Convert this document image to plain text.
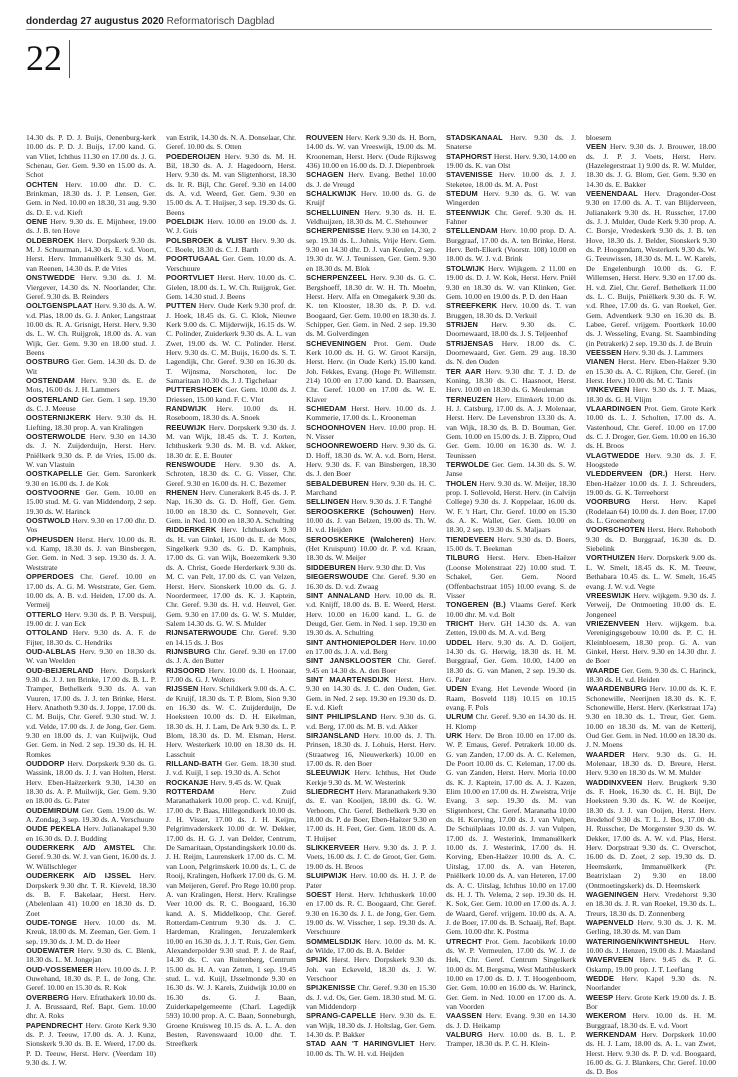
donderdag 27 augustus 2020 Reformatorisch Dagblad
22

14.30 ds. P. D. J. Buijs, Oenenburg-kerk 10.00 ds. P. D. J. Buijs, 17.00 kand. G. van Vliet, Ichthus 11.30 en 17.00 ds. J. G. Schenau, Ger. Gem. 9.30 en 15.00 ds. A. Schot

OCHTEN Herv. 10.00 dhr. D. C. Brinkman, 18.30 ds. J. P. Lensen, Ger. Gem. in Ned. 10.00 en 18.30, 31 aug. 9.30 ds. D. E. v.d. Kieft

OENE Herv. 9.30 ds. E. Mijnheer, 19.00 ds. J. B. ten Hove

OLDEBROEK Herv. Dorpskerk 9.30 ds. M. J. Schuurman, 14.30 ds. E. v.d. Voort, Herst. Herv. Immanuëlkerk 9.30 ds. M. van Reenen, 14.30 ds. P. de Vries

ONSTWEDDE Herv. 9.30 ds. J. M. Viergever, 14.30 ds. N. Noorlander, Chr. Geref. 9.30 ds. B. Reinders

OOLTGENSPLAAT Herv. 9.30 ds. A. W. v.d. Plas, 18.00 ds. G. J. Anker, Langstraat 10.00 ds. R. A. Grisnigt, Herst. Herv. 9.30 ds. L. W. Ch. Ruijgrok, 18.00 ds. A. van Wijk, Ger. Gem. 9.30 en 18.00 stud. J. Beens

OOSTBURG Ger. Gem. 14.30 ds. D. de Wit

OOSTENDAM Herv. 9.30 ds. E. de Mots, 16.00 ds. J. H. Lammers

OOSTERLAND Ger. Gem. 1 sep. 19.30 ds. C. J. Meeuse

OOSTERNIJKERK Herv. 9.30 ds. H. Liefting, 18.30 prop. A. van Kralingen

OOSTERWOLDE Herv. 9.30 en 14.30 ds. J. N. Zuijderduijn, Herst. Herv. Pniëlkerk 9.30 ds. P. de Vries, 15.00 ds. W. van Vlastuin

OOSTKAPELLE Ger. Gem. Saronkerk 9.30 en 16.00 ds. J. de Kok

OOSTVOORNE Ger. Gem. 10.00 en 15.00 stud. M. G. van Middendorp, 2 sep. 19.30 ds. W. Harinck

OOSTWOLD Herv. 9.30 en 17.00 dhr. D. Vos

OPHEUSDEN Herst. Herv. 10.00 ds. R. v.d. Kamp, 18.30 ds. J. van Binsbergen, Ger. Gem. in Ned. 3 sep. 19.30 ds. J. A. Weststrate

OPPERDOES Chr. Geref. 10.00 en 17.00 ds. A. G. M. Weststrate, Ger. Gem. 10.00 ds. A. B. v.d. Heiden, 17.00 ds. A. Vermeij

OTTERLO Herv. 9.30 ds. P. B. Verspuij, 19.00 dr. J. van Eck

OTTOLAND Herv. 9.30 ds. A. F. de Fijter, 18.30 ds. C. Hendriks

OUD-ALBLAS Herv. 9.30 en 18.30 ds. W. van Weelden

OUD-BEIJERLAND Herv. Dorpskerk 9.30 ds. J. J. ten Brinke, 17.00 ds. B. L. P. Tramper, Bethelkerk 9.30 ds. A. van Vuuren, 17.00 ds. J. J. ten Brinke, Herst. Herv. Anathoth 9.30 ds. J. Joppe, 17.00 ds. C. M. Buijs, Chr. Geref. 9.30 stud. W. J. v.d. Velde, 17.00 ds. J. de Jong, Ger. Gem. 9.30 en 18.00 ds. J. van Kuijwijk, Oud Ger. Gem. in Ned. 2 sep. 19.30 ds. H. H. Romkes

OUDDORP Herv. Dorpskerk 9.30 ds. G. Wassink, 18.00 ds. J. J. van Holten, Herst. Herv. Eben-Haëzerkerk 9.30, 14.30 en 18.30 ds. A. P. Muilwijk, Ger. Gem. 9.30 en 18.00 ds. G. Pater

OUDEMIRDUM Ger. Gem. 19.00 ds. W. A. Zondag, 3 sep. 19.30 ds. A. Verschuure

OUDE PEKELA Herv. Julianakapel 9.30 en 16.30 ds. D. J. Budding

OUDERKERK A/D AMSTEL Chr. Geref. 9.30 ds. W. J. van Gent, 16.00 ds. J. W. Wüllschleger

OUDERKERK A/D IJSSEL Herv. Dorpskerk 9.30 dhr. T. R. Kieveld, 18.30 ds. B. F. Bakelaar, Herst. Herv. (Abelenlaan 41) 10.00 en 18.30 ds. D. Zoet

OUDE-TONGE Herv. 10.00 ds. M. Kreuk, 18.00 ds. M. Zeeman, Ger. Gem. 1 sep. 19.30 ds. J. M. D. de Heer

OUDEWATER Herv. 9.30 ds. C. Blenk, 18.30 ds. L. M. Jongejan

OUD-VOSSEMEER Herv. 10.00 ds. J. P. Ouwehand, 18.30 ds. P. L. de Jong, Chr. Geref. 10.00 en 15.30 ds. R. Kok

OVERBERG Herv. Efrathakerk 10.00 ds. J. A. Brussaard, Ref. Bapt. Gem. 10.00 dhr. A. Roks

PAPENDRECHT Herv. Grote Kerk 9.30 ds. P. J. Teeuw, 17.00 ds. A. J. Kunz, Sionskerk 9.30 ds. B. E. Weerd, 17.00 ds. P. D. Teeuw, Herst. Herv. (Veerdam 10) 9.30 ds. J. W.

van Estrik, 14.30 ds. N. A. Donselaar, Chr. Geref. 10.00 ds. S. Otten

POEDEROIJEN Herv. 9.30 ds. M. H. Bil, 18.30 ds. A. J. Hagedoorn, Herst. Herv. 9.30 ds. M. van Sligtenhorst, 18.30 ds. Ir. R. Bijl, Chr. Geref. 9.30 en 14.00 ds. A. v.d. Weerd, Ger. Gem. 9.30 en 15.00 ds. A. T. Huijser, 3 sep. 19.30 ds. G. Beens

POELDIJK Herv. 10.00 en 19.00 ds. J. W. J. Guis

POLSBROEK & VLIST Herv. 9.30 ds. C. Boele, 18.30 ds. C. J. Barth

POORTUGAAL Ger. Gem. 10.00 ds. A. Verschuure

POORTVLIET Herst. Herv. 10.00 ds. C. Gielen, 18.00 ds. L. W. Ch. Ruijgrok, Ger. Gem. 14.30 stud. J. Beens

PUTTEN Herv. Oude Kerk 9.30 prof. dr. J. Hoek, 18.45 ds. G. C. Klok, Nieuwe Kerk 9.00 ds. C. Mijderwijk, 16.15 ds. W. C. Polinder, Zuiderkerk 9.30 ds. A. L. van Zwet, 19.00 ds. W. C. Polinder. Herst. Herv. 9.30 ds. C. M. Buijs, 16.00 ds. S. T. Lagendijk, Chr. Geref. 9.30 en 16.30 ds. T. Wijnsma, Norschoten, loc. De Samaritaan 10.30 ds. J. J. Tigchelaar

PUTTERSHOEK Ger. Gem. 10.00 ds. J. Driessen, 15.00 kand. F. C. Vlot

RANDWIJK Herv. 10.00 ds. H. Roseboom, 18.30 ds. A. Snoek

REEUWIJK Herv. Dorpskerk 9.30 ds. J. M. van Wijk, 18.45 ds. T. J. Korten, Ichthuskerk 9.30 ds. M. B. v.d. Akker, 18.30 dr. E. E. Bouter

RENSWOUDE Herv. 9.30 ds. A. Schroten, 18.30 ds. C. G. Visser, Chr. Geref. 9.30 en 16.00 ds. H. C. Bezemer

RHENEN Herv. Cunerakerk 8.45 ds. J. P. Nap, 16.30 ds. G. D. Hoff, Ger. Gem. 10.00 en 18.30 ds. C. Sonnevelt, Ger. Gem. in Ned. 10.00 en 18.30 A. Schulting

RIDDERKERK Herv. Ichthuskerk 9.30 ds. H. van Ginkel, 16.00 ds. E. de Mots, Singelkerk 9.30 ds. G. D. Kamphuis, 17.00 ds. G. van Wijk, Boezemkerk 9.30 ds. A. Christ, Goede Herderkerk 9.30 ds. M. C. van Pelt, 17.00 ds. C. van Velzen, Herst. Herv. Sionskerk 10.00 ds. G. J. Noordermeer, 17.00 ds. K. J. Kaptein, Chr. Geref. 9.30 ds. H. v.d. Heuvel, Ger. Gem. 9.30 en 17.00 ds. G. W. S. Mulder, Salem 14.30 ds. G. W. S. Mulder

RIJNSATERWOUDE Chr. Geref. 9.30 en 14.15 ds. J. Bos

RIJNSBURG Chr. Geref. 9.30 en 17.00 ds. J. A. den Butter

RIJSOORD Herv. 10.00 ds. I. Hoonaar, 17.00 ds. G. J. Wolters

RIJSSEN Herv. Schildkerk 9.00 ds. A. C. de Kruijf, 18.30 ds. T. P. Blom, Sion 9.30 en 16.30 ds. W. C. Zuijderduijn, De Hoeksteen 10.00 ds. D. H. Eikelman, 18.30 ds. H. J. Lam, De Ark 9.30 ds. L. P. Blom, 18.30 ds. D. M. Elsman, Herst. Herv. Westerkerk 10.00 en 18.30 ds. H. Lasschuit

RILLAND-BATH Ger. Gem. 18.30 stud. J. v.d. Kuijl, 1 sep. 19.30 ds. A. Schot

ROCKANJE Herv. 9.45 ds. W. Quak

ROTTERDAM	Herv. Zuid Maranathakerk 10.00 prop. C. v.d. Kruijf, 17.00 ds. P. Baas, Hillegondkerk 10.00 ds. J. H. Visser, 17.00 ds. J. H. Keijm, Pelgrimvaderskerk 10.00 dr. W. Dekker, 17.00 ds. H. G. J. van Delder, Centrum, De Samaritaan, Opstandingskerk 10.00 ds. J. H. Reijm, Laurenskerk 17.00 ds. C. M. van Loon, Pelgrimskerk 10.00 ds. L. C. de Rooij, Kralingen, Hofkerk 17.00 ds. G. M. van Meijeren, Geref. Pro Rege 10.00 prop. A. van Kralingen, Herst. Herv. Kralingse Veer 10.00 ds. R. C. Boogaard, 16.30 kand. A. S. Middelkoop, Chr. Geref. Rotterdam-Centrum 9.30 ds. J. C. Hardeman, Kralingen, Jeruzalemkerk 10.00 en 16.30 ds. J. J. T. Ruis, Ger. Gem. Alexanderpolder 9.30 stud. P. J. de Raaf, 14.30 ds. C. van Ruitenberg, Centrum 15.00 ds. H. A. van Zetten, 1 sep. 19.45 stud. L. v.d. Kuijl, IJsselmonde 9.30 en 16.30 ds. W. J. Karels, Zuidwijk 10.00 en 16.30 ds. G. J. Baan, Zuiderkapelgemeente (Charl. Lagedijk 593) 10.00 prop. A. C. Baan, Sonneburgh, Groene Kruisweg 10.15 ds. A. L. A. den Besten, Ravenswaard 10.00 dhr. T. Streefkerk

ROUVEEN Herv. Kerk 9.30 ds. H. Born, 14.00 ds. W. van Vreeswijk, 19.00 ds. M. Krooneman, Herst. Herv. (Oude Rijksweg 436) 10.00 en 16.00 ds. D. J. Diepenbroek

SCHAGEN Herv. Evang. Bethel 10.00 ds. J. de Vreugd

SCHALKWIJK Herv. 10.00 ds. G. de Kruijf

SCHELLUINEN Herv. 9.30 ds. H. E. Veldhuijzen, 18.30 ds. M. C. Stehouwer

SCHERPENISSE Herv. 9.30 en 14.30, 2 sep. 19.30 ds. L. Johnis, Vrije Herv. Gem. 9.30 en 14.30 dhr. D. J. van Keulen, 2 sep. 19.30 dr. W. J. Teunissen, Ger. Gem. 9.30 en 18.30 ds. M. Blok

SCHERPENZEEL Herv. 9.30 ds. G. C. Bergshoeff, 18.30 dr. W. H. Th. Moehn, Herst. Herv. Alfa en Omegakerk 9.30 ds. K. ten Klooster, 18.30 ds. P. D. v.d. Boogaard, Ger. Gem. 10.00 en 18.30 ds. J. Schipper, Ger. Gem. in Ned. 2 sep. 19.30 ds. M. Golverdingen

SCHEVENINGEN Prot. Gem. Oude Kerk 10.00 ds. H. G. W. Groot Karsijn, Herst. Herv. (in Oude Kerk) 15.00 kand. Joh. Fekkes, Evang. (Hoge Pr. Willemstr. 214) 10.00 en 17.00 kand. D. Baarssen, Chr. Geref. 10.00 en 17.00 ds. W. E. Klaver

SCHIEDAM Herst. Herv. 10.00 ds. J. Kommerie, 17.00 ds. L. Krooneman

SCHOONHOVEN Herv. 10.00 prop. H. N. Visser

SCHOONREWOERD Herv. 9.30 ds. G. D. Hoff, 18.30 ds. W. A. v.d. Born, Herst. Herv. 9.30 ds. F. van Binsbergen, 18.30 ds. J. den Boer

SEBALDEBUREN Herv. 9.30 ds. H. C. Marchand

SELLINGEN Herv. 9.30 ds. J. F. Tanghé

SEROOSKERKE (Schouwen) Herv. 10.00 ds. J. van Belzen, 19.00 ds. Th. W. H. v.d. Heijden

SEROOSKERKE (Walcheren) Herv. (Het Kruispunt) 10.00 dr. P. v.d. Kraan, 18.30 ds. W. Meijer

SIDDEBUREN Herv. 9.30 dhr. D. Vos

SIEGERSWOUDE Chr. Geref. 9.30 en 16.30 ds. D. v.d. Zwaag

SINT ANNALAND Herv. 10.00 ds. R. v.d. Knijff, 18.00 ds. B. E. Weerd, Herst. Herv. 10.00 en 16.00 kand. L. G. de Deugd, Ger. Gem. in Ned. 1 sep. 19.30 en 19.30 ds. A. Schulting

SINT ANTHONIEPOLDER Herv. 10.00 en 17.00 ds. J. A. v.d. Berg

SINT JANSKLOOSTER Chr. Geref. 9.45 en 14.30 ds. A. den Boer

SINT MAARTENSDIJK Herst. Herv. 9.30 en 14.30 ds. J. C. den Ouden, Ger. Gem. in Ned. 2 sep. 19.30 en 19.30 ds. D. E. v.d. Kieft

SINT PHILIPSLAND Herv. 9.30 ds. G. v.d. Berg, 17.00 ds. M. B. v.d. Akker

SIRJANSLAND Herv. 10.00 ds. J. Th. Prinsen, 18.30 ds. J. Lohuis, Herst. Herv. (Straatweg 16, Nieuwerkerk) 10.00 en 17.00 ds. R. den Boer

SLEEUWIJK Herv. Ichthus, Het Oude Kerkje 9.30 ds. M. W. Westerink

SLIEDRECHT Herv. Maranathakerk 9.30 ds. E. van Kooijen, 18.00 ds. G. W. Verboom, Chr. Geref. Bethelkerk 9.30 en 18.00 ds. P. de Boer, Eben-Haëzer 9.30 en 17.00 ds. H. Feet, Ger. Gem. 18.00 ds. A. T. Huijser

SLIKKERVEER Herv. 9.30 ds. J. P. J. Voets, 16.00 ds. J. C. de Groot, Ger. Gem. 19.00 ds. H. Broos

SLUIPWIJK Herv. 10.00 ds. H. J. P. de Pater

SOEST Herst. Herv. Ichthuskerk 10.00 en 17.00 ds. R. C. Boogaard, Chr. Geref. 9.30 en 16.30 ds. J. L. de Jong, Ger. Gem. 19.00 ds. W. Visscher, 1 sep. 19.30 ds. A. Verschuure

SOMMELSDIJK Herv. 10.00 ds. M. K. de Wilde, 17.00 ds. B. A. Belder

SPIJK Herst. Herv. Dorpskerk 9.30 ds. Joh. van Eckeveld, 18.30 ds. J. W. Verschoor

SPIJKENISSE Chr. Geref. 9.30 en 15.30 ds. J. v.d. Os, Ger. Gem. 18.30 stud. M. G. van Middendorp

SPRANG-CAPELLE Herv. 9.30 ds. E. van Wijk, 18.30 ds. J. Holtslag, Ger. Gem. 14.30 ds. P. Bakker

STAD AAN 'T HARINGVLIET Herv. 10.00 ds. Th. W. H. v.d. Heijden

STADSKANAAL Herv. 9.30 ds. J. Snaterse

STAPHORST Herst. Herv. 9.30, 14.00 en 19.00 ds. K. van Olst

STAVENISSE Herv. 10.00 ds. J. J. Steketee, 18.00 ds. M. A. Post

STEDUM Herv. 9.30 ds. G. W. van Wingerden

STEENWIJK Chr. Geref. 9.30 ds. H. Fahner

STELLENDAM Herv. 10.00 prop. D. A. Burggraaf, 17.00 ds. A. ten Brinke, Herst. Herv. Beth-Elkerk (Voorstr. 108) 10.00 en 18.00 ds. W. J. v.d. Brink

STOLWIJK Herv. Wijkgem. 2 11.00 en 19.00 ds. D. J. W. Kok, Herst. Herv. Pniël 9.30 en 18.30 ds. W. van Klinken, Ger. Gem. 10.00 en 19.00 ds. P. D. den Haan

STREEFKERK Herv. 10.00 ds. T. van Bruggen, 18.30 ds. D. Verkuil

STRIJEN Herv. 9.30 ds. C. Doornewaard, 18.00 ds. J. S. Teljeenhof

STRIJENSAS Herv. 18.00 ds. C. Doornewaard, Ger. Gem. 29 aug. 18.30 ds. N. den Ouden

TER AAR Herv. 9.30 dhr. T. J. D. de Koning, 18.30 ds. C. Haasnoot, Herst. Herv. 10.00 en 18.30 ds. G. Meuleman

TERNEUZEN Herv. Elimkerk 10.00 ds. H. J. Catsburg, 17.00 ds. A. J. Molenaar, Herst. Herv. De Levensbron 13.30 ds. A. van Wijk, 18.30 ds. B. D. Bouman, Ger. Gem. 10.00 en 15.00 ds. J. B. Zippro, Oud Ger. Gem. 10.00 en 16.30 ds. W. J. Teunissen

TERWOLDE Ger. Gem. 14.30 ds. S. W. Janse

THOLEN Herv. 9.30 ds. W. Meijer, 18.30 prop. I. Sollevold, Herst. Herv. (in Calvijn College) 9.30 ds. J. Koppelaar, 16.00 ds. W. F. 't Hart, Chr. Geref. 10.00 en 15.30 ds. A. K. Wallet, Ger. Gem. 10.00 en 18.30, 2 sep. 19.30 ds. S. Maljaars

TIENDEVEEN Herv. 9.30 ds. D. Boers, 15.00 ds. T. Beekman

TILBURG Herst. Herv. Eben-Haëzer (Loonse Molenstraat 22) 10.00 stud. T. Schakel, Ger. Gem. Noord (Offenbachstraat 105) 10.00 evang. S. de Visser

TONGEREN (B.) Vlaams Geref. Kerk 10.00 dhr. M. v.d. Bolt

TRICHT Herv. GH 14.30 ds. A. van Zetten, 19.00 ds. M. A. v.d. Berg

UDDEL Herv. 9.30 ds. A. D. Goijert, 14.30 ds. G. Herwig, 18.30 ds. H. M. Burggraaf, Ger. Gem. 10.00, 14.00 en 18.30 ds. G. van Manen, 2 sep. 19.30 ds. G. Pater

UDEN Evang. Het Levende Woord (in Raam, Bosveld 118) 10.15 en 10.15 evang. F. Pols

ULRUM Chr. Geref. 9.30 en 14.30 ds. H. H. Klomp

URK Herv. De Bron 10.00 en 17.00 ds. W. P. Emaus, Geref. Petrakerk 10.00 ds. G. van Zanden, 17.00 ds. A. C. Kelemen, De Poort 10.00 ds. C. Keleman, 17.00 ds. G. van Zanden, Herst. Herv. Moria 10.00 ds. K. J. Kaptein, 17.00 ds. A. J. Kazen, Elim 10.00 en 17.00 ds. H. Zweistra, Vrije Evang. 3 sep. 19.30 ds. M. van Sligtenhorst, Chr. Geref. Maranatha 10.00 ds. H. Korving, 17.00 ds. J. van Vulpen, De Schuilplaats 10.00 ds. J. van Vulpen, 17.00 ds. J. Westerink, Immanuëlkerk 10.00 ds. J. Westerink, 17.00 ds. H. Korving, Eben-Haëzer 10.00 ds. A. C. Uitslag, 17.00 ds. A. van Heteren, Pniëlkerk 10.00 ds. A. van Heteren, 17.00 ds. A. C. Uitslag, Ichthus 10.00 en 17.00 ds. H. J. Th. Velema, 2 sep. 19.30 ds. H. K. Sok, Ger. Gem. 10.00 en 17.00 ds. A. J. de Waard, Geref. vrijgem. 10.00 ds. A. A. J. de Boer, 17.00 ds. B. Schaaij, Ref. Bapt. Gem. 10.00 dhr. K. Postma

UTRECHT Prot. Gem. Jacobikerk 10.00 ds. W. P. Vermeulen, 17.00 ds. W. J. de Hek, Chr. Geref. Centrum Singelkerk 10.00 ds. M. Bergsma, West Matthëuskerk 10.00 en 17.00 ds. D. J. T. Hoogenboom, Ger. Gem. 10.00 en 16.00 ds. W. Harinck, Ger. Gem. in Ned. 10.00 en 17.00 ds. A. van Voorden

VAASSEN Herv. Evang. 9.30 en 14.30 ds. J. D. Heikamp

VALBURG Herv. 10.00 ds. B. L. P. Tramper, 18.30 ds. P. C. H. Klein-

bloesem

VEEN Herv. 9.30 ds. J. Brouwer, 18.00 ds. J. P. J. Voets, Herst. Herv. (Hazelegerstraat 1) 9.00 ds. R. W. Mulder, 18.30 ds. J. G. Blom, Ger. Gem. 9.30 en 14.30 ds. E. Bakker

VEENENDAAL Herv. Dragonder-Oost 9.30 en 17.00 ds. A. T. van Blijderveen, Julianakerk 9.30 ds. H. Russcher, 17.00 ds. J. J. Mulder, Oude Kerk 9.30 prop. A. C. Borsje, Vredeskerk 9.30 ds. J. B. ten Hove, 18.30 ds. J. Belder, Sionskerk 9.30 ds. P. Hoogendam, Westerkerk 9.30 ds. W. G. Teeuwissen, 18.30 ds. M. L. W. Karels, De Engelenburgh 10.00 ds. G. F. Willemsen, Herst. Herv. 9.30 en 17.00 ds. H. v.d. Ziel, Chr. Geref. Bethelkerk 11.00 ds. L. C. Buijs, Pniëlkerk 9.30 ds. F. W. v.d. Rhee, 17.00 ds. G. van Roekel, Ger. Gem. Adventkerk 9.30 en 16.30 ds. B. Labee, Geref. vrijgem. Poortkerk 10.00 ds. J. Wesseling, Evang. St. Saambinding (in Petrakerk) 2 sep. 19.30 ds. J. de Bruin

VEESSEN Herv. 9.30 ds. J. Lammers

VIANEN Herst. Herv. Eben-Haëzer 9.30 en 15.30 ds. A. C. Rijken, Chr. Geref. (in Herst. Herv.) 10.00 ds. M. C. Tanis

VINKEVEEN Herv. 9.30 ds. J. T. Maas, 18.30 ds. G. H. Vlijm

VLAARDINGEN Prot. Gem. Grote Kerk 10.00 ds. L. J. Scholten, 17.00 ds. A. Vastenhoud, Chr. Geref. 10.00 en 17.00 ds. C. J. Droger, Ger. Gem. 10.00 en 16.30 ds. H. Broos

VLAGTWEDDE Herv. 9.30 ds. J. F. Hoogstede

VLEDDERVEEN (DR.) Herst. Herv. Eben-Haëzer 10.00 ds. J. J. Schreuders, 19.00 ds. G. K. Terreehorst

VOORBURG Herst. Herv. Kapel (Rodelaan 64) 10.00 ds. J. den Boer, 17.00 ds. L. Groenenberg

VOORSCHOTEN Herst. Herv. Rehoboth 9.30 ds. D. Burggraaf, 16.30 ds. D. Siebelink

VORTHUIZEN Herv. Dorpskerk 9.00 ds. L. W. Smelt, 18.45 ds. K. M. Teeuw, Bethabara 10.45 ds. L. W. Smelt, 16.45 evang. J. W. v.d. Vegte

VREESWIJK Herv. wijkgem. 9.30 ds. J. Verweij, De Ontmoeting 10.00 ds. E. Jongeneel

VRIEZENVEEN Herv. wijkgem. b.a. Verenigingsgebouw 10.00 ds. P. C. H. Kleinbloesem, 18.30 prop. G. A. van Ginkel, Herst. Herv. 9.30 en 14.30 dhr. J. de Boer

WAARDE Ger. Gem. 9.30 ds. C. Harinck, 18.30 ds. H. v.d. Heiden

WAARDENBURG Herv. 10.00 ds. K. F. Schonewille, Neerijnen 18.30 ds. K. F. Schonewille, Herst. Herv. (Kerkstraat 17a) 9.30 en 18.30 ds. L. Treur, Ger. Gem. 10.00 en 18.30 ds. M. van de Ketterij, Oud Ger. Gem. in Ned. 10.00 en 18.30 ds. J. N. Moens

WAARDER Herv. 9.30 ds. G. H. Molenaar, 18.30 ds. D. Breure, Herst. Herv. 9.30 en 18.30 ds. W. M. Mulder

WADDINXVEEN Herv. Brugkerk 9.30 ds. F. Hoek, 16.30 ds. C. H. Bijl, De Hoeksteen 9.30 ds. K. W. de Koeijer, 18.30 ds. J. J. van Ooijen, Herst. Herv. Bredehof 9.30 ds. T. L. J. Bos, 17.00 ds. H. Russcher, De Morgenster 9.30 ds. W. Dekker, 17.00 ds. A. W. v.d. Plas, Herst. Herv. Dorpstraat 9.30 ds. C. Overschot, 16.00 ds. D. Zoet, 2 sep. 19.30 ds. D. Heemskerk, Immanuëlkerk (Pr. Beatrixlaan 2) 9.30 en 18.00 (Ontmoetingskerk) ds. D. Heemskerk

WAGENINGEN Herv. Vredehorst 9.30 en 18.30 ds. J. R. van Roekel, 19.30 ds. L. Treurs, 18.30 ds. D. Zonnenberg

WAPENVELD Herv. 9.30 ds. J. K. M. Gerling, 18.30 ds. M. van Dam

WATERINGEN/KWINTSHEUL Herv. 10.00 ds. J. Henzen, 19.00 ds. J. Maasland

WAVERVEEN Herv. 9.45 ds. P. G. Oskamp, 19.00 prop. J. T. Leeflang

WEDDE Herv. Kapel 9.30 ds. N. Noorlander

WEESP Herv. Grote Kerk 19.00 ds. J. B. Bor

WEKEROM Herv. 10.00 ds. H. M. Burggraaf, 18.30 ds. E. v.d. Voort

WERKENDAM Herv. Dorpskerk 10.00 ds. H. J. Lam, 18.00 ds. A. L. van Zwet, Herst. Herv. 9.30 ds. P. D. v.d. Boogaard, 16.00 ds. G. J. Blankers, Chr. Geref. 10.00 ds. D. Bos
